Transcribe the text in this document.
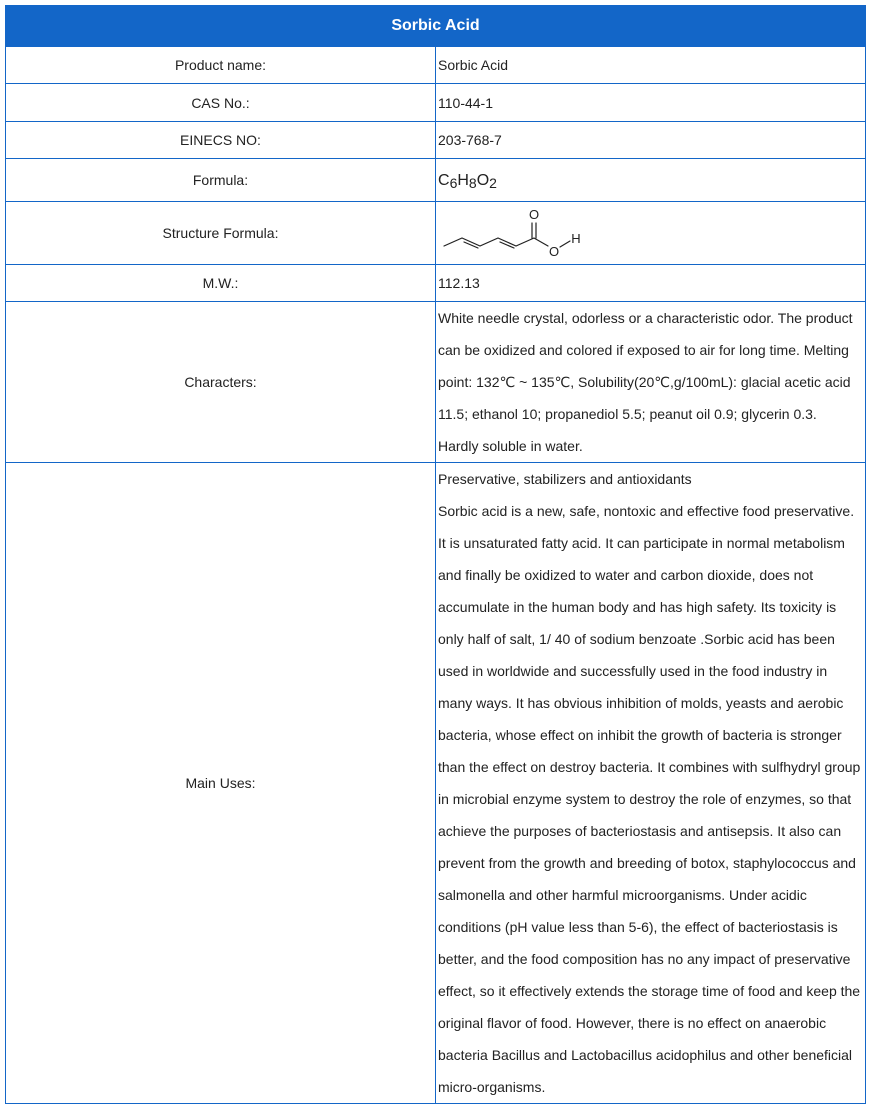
Sorbic Acid	
Product name:	Sorbic Acid
CAS No.:	110-44-1
EINECS NO:	203-768-7
Formula:	$C_6H_8O_2$
Structure Formula:	O
O
H

M.W.:	112.13
Characters:	White needle crystal, odorless or a characteristic odor. The product can be oxidized and colored if exposed to air for long time. Melting point: 132℃ ~ 135℃, Solubility(20℃,g/100mL): glacial acetic acid 11.5; ethanol 10; propanediol 5.5; peanut oil 0.9; glycerin 0.3. Hardly soluble in water.
Main Uses:	Preservative, stabilizers and antioxidants
Sorbic acid is a new, safe, nontoxic and effective food preservative. It is unsaturated fatty acid. It can participate in normal metabolism and finally be oxidized to water and carbon dioxide, does not accumulate in the human body and has high safety. Its toxicity is only half of salt, 1/ 40 of sodium benzoate .Sorbic acid has been used in worldwide and successfully used in the food industry in many ways. It has obvious inhibition of molds, yeasts and aerobic bacteria, whose effect on inhibit the growth of bacteria is stronger than the effect on destroy bacteria. It combines with sulfhydryl group in microbial enzyme system to destroy the role of enzymes, so that achieve the purposes of bacteriostasis and antisepsis. It also can prevent from the growth and breeding of botox, staphylococcus and salmonella and other harmful microorganisms. Under acidic conditions (pH value less than 5-6), the effect of bacteriostasis is better, and the food composition has no any impact of preservative effect, so it effectively extends the storage time of food and keep the original flavor of food. However, there is no effect on anaerobic bacteria Bacillus and Lactobacillus acidophilus and other beneficial micro-organisms.
